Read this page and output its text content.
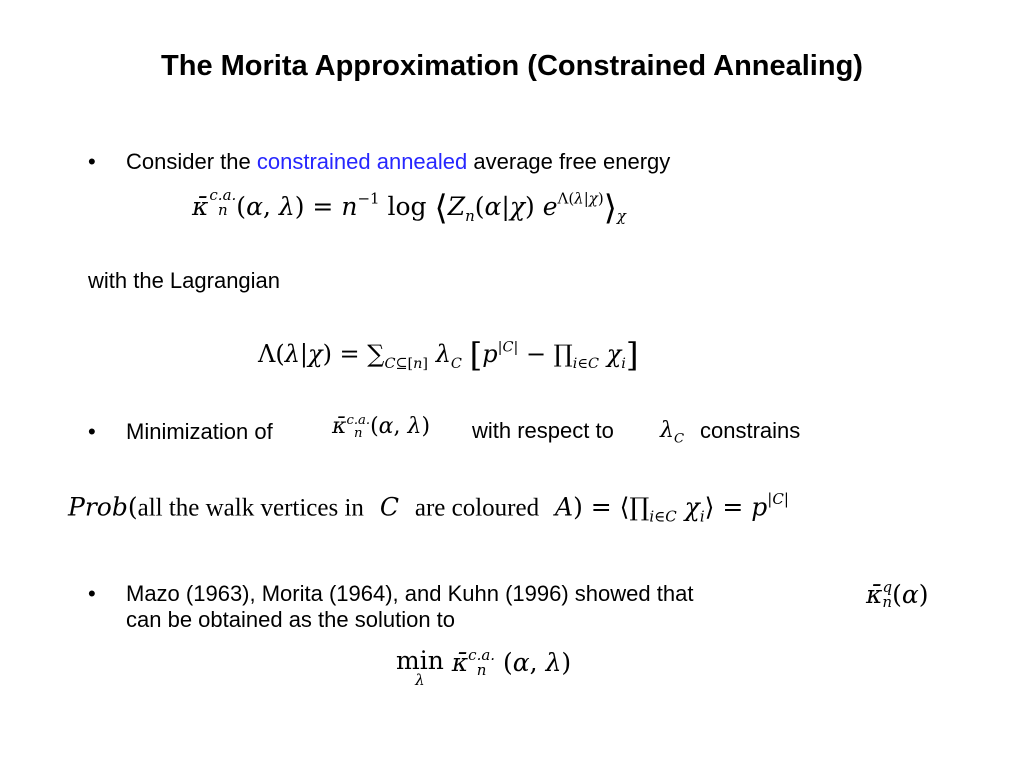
The Morita Approximation (Constrained Annealing)
• Consider the constrained annealed average free energy
κ̄ c.a.
n (α, $\lambda) = n^{-1}$ $\log ⟨Z_n(\alpha|\chi)$ $e^{\Lambda(\lambda|\chi)}⟩_\chi$
with the Lagrangian
$\Lambda(\lambda|\chi) = \sum_{C⊆[n]}$ $\lambda_C$ [$p^{|C|}$ − $\prod_{i\in C}$ $\chi_i$]
• Minimization of	κ̄ c.a.
n (α, λ) with respect to $\lambda_C$ constrains
Prob(all the walk vertices in C are coloured $A) = ⟨\prod_{i\in C}$ $\chi_i⟩ = p^{|C|}$
• Mazo (1963), Morita (1964), and Kuhn (1996) showed that
can be obtained as the solution to
κ̄ q
n (α)
min
λ
κ̄ c.a.
n (α, λ)
